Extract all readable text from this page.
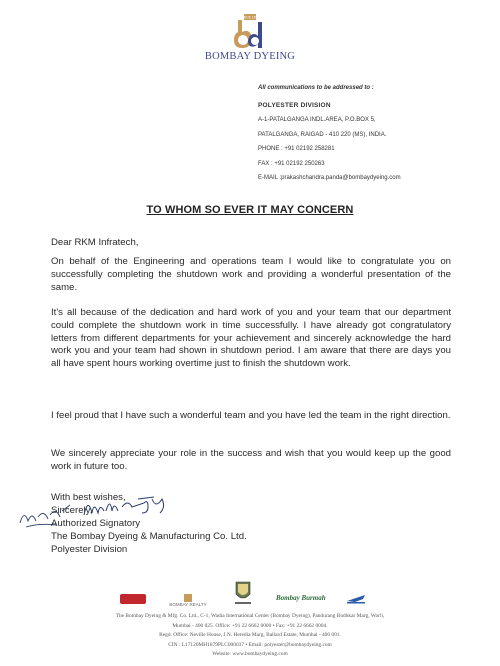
SINCE 1879
BOMBAY DYEING
All communications to be addressed to :
POLYESTER DIVISION
A-1-PATALGANGA INDL.AREA, P.O.BOX 5,
PATALGANGA, RAIGAD - 410 220 (MS), INDIA.
PHONE : +91 02192 258281
FAX : +91 02192 250263
E-MAIL :prakashchandra.panda@bombaydyeing.com
TO WHOM SO EVER IT MAY CONCERN
Dear RKM Infratech,
On behalf of the Engineering and operations team I would like to congratulate you on successfully completing the shutdown work and providing a wonderful presentation of the same.
It's all because of the dedication and hard work of you and your team that our department could complete the shutdown work in time successfully. I have already got congratulatory letters from different departments for your achievement and sincerely acknowledge the hard work you and your team had shown in shutdown period. I am aware that there are days you all have spent hours working overtime just to finish the shutdown work.
I feel proud that I have such a wonderful team and you have led the team in the right direction.
We sincerely appreciate your role in the success and wish that you would keep up the good work in future too.
With best wishes,
Sincerely,
Authorized Signatory
The Bombay Dyeing & Manufacturing Co. Ltd.
Polyester Division
BOMBAY REALTY
Bombay Burmah
The Bombay Dyeing & Mfg. Co. Ltd., C-1, Wadia International Center (Bombay Dyeing), Pandurang Budhkar Marg, Worli,
Mumbai - 400 025. Office: +91 22 6662 0000 • Fax: +91 22 6662 0004.
Regd. Office: Neville House, J.N. Heredia Marg, Ballard Estate, Mumbai - 400 001.
CIN : L17120MH1879PLC000037 • Email: polyester@bombaydyeing.com
Website: www.bombaydyeing.com
